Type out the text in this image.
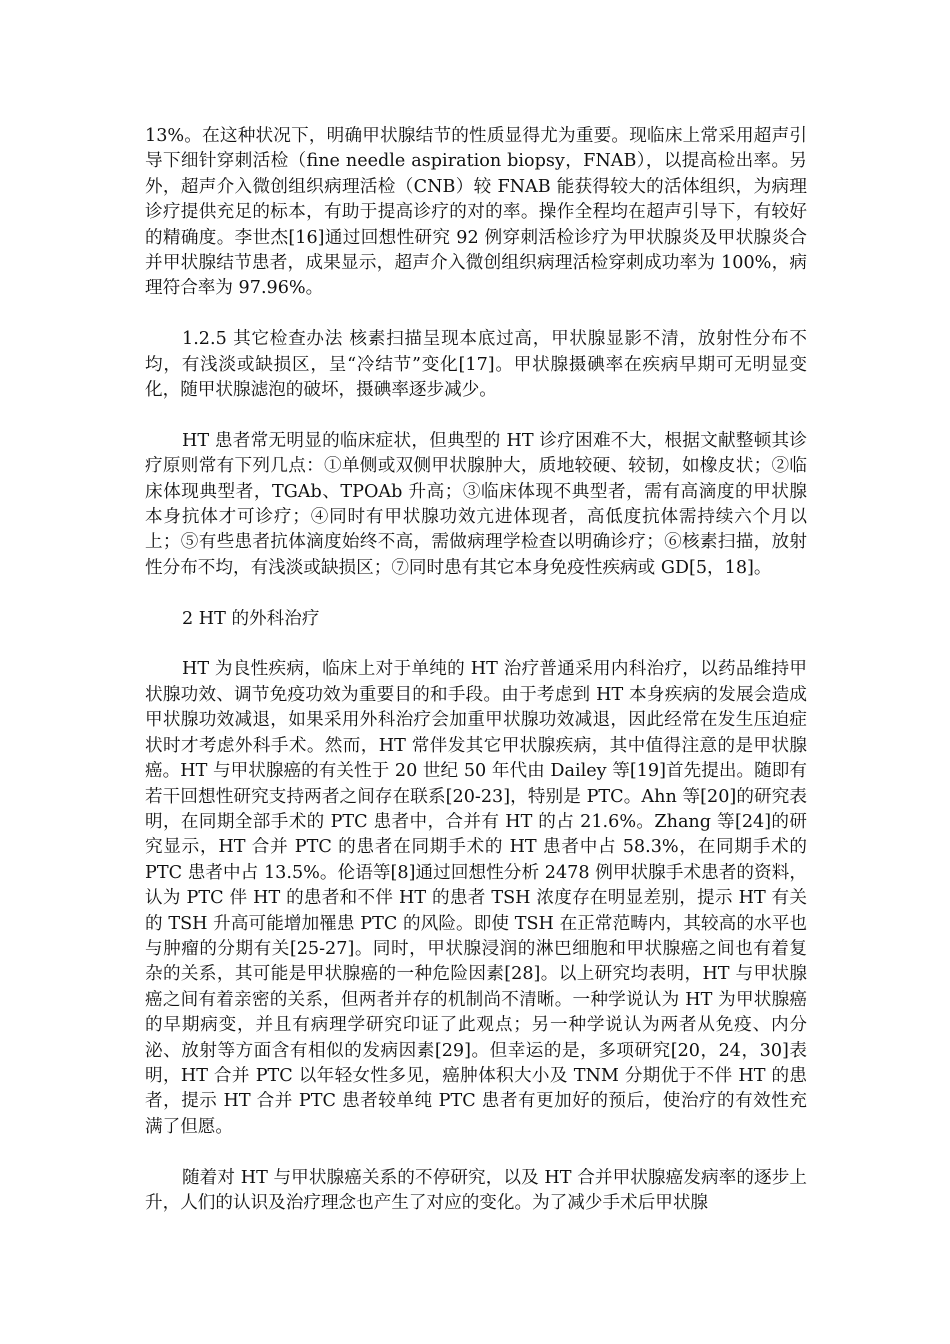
13%。在这种状况下，明确甲状腺结节的性质显得尤为重要。现临床上常采用超声引导下细针穿刺活检（fine needle aspiration biopsy，FNAB），以提高检出率。另外，超声介入微创组织病理活检（CNB）较 FNAB 能获得较大的活体组织，为病理诊疗提供充足的标本，有助于提高诊疗的对的率。操作全程均在超声引导下，有较好的精确度。李世杰[16]通过回想性研究 92 例穿刺活检诊疗为甲状腺炎及甲状腺炎合并甲状腺结节患者，成果显示，超声介入微创组织病理活检穿刺成功率为 100%，病理符合率为 97.96%。

1.2.5 其它检查办法 核素扫描呈现本底过高，甲状腺显影不清，放射性分布不均，有浅淡或缺损区，呈“冷结节”变化[17]。甲状腺摄碘率在疾病早期可无明显变化，随甲状腺滤泡的破坏，摄碘率逐步减少。

HT 患者常无明显的临床症状，但典型的 HT 诊疗困难不大，根据文献整顿其诊疗原则常有下列几点：①单侧或双侧甲状腺肿大，质地较硬、较韧，如橡皮状；②临床体现典型者，TGAb、TPOAb 升高；③临床体现不典型者，需有高滴度的甲状腺本身抗体才可诊疗；④同时有甲状腺功效亢进体现者，高低度抗体需持续六个月以上；⑤有些患者抗体滴度始终不高，需做病理学检查以明确诊疗；⑥核素扫描，放射性分布不均，有浅淡或缺损区；⑦同时患有其它本身免疫性疾病或 GD[5，18]。

2 HT 的外科治疗

HT 为良性疾病，临床上对于单纯的 HT 治疗普通采用内科治疗，以药品维持甲状腺功效、调节免疫功效为重要目的和手段。由于考虑到 HT 本身疾病的发展会造成甲状腺功效减退，如果采用外科治疗会加重甲状腺功效减退，因此经常在发生压迫症状时才考虑外科手术。然而，HT 常伴发其它甲状腺疾病，其中值得注意的是甲状腺癌。HT 与甲状腺癌的有关性于 20 世纪 50 年代由 Dailey 等[19]首先提出。随即有若干回想性研究支持两者之间存在联系[20-23]，特别是 PTC。Ahn 等[20]的研究表明，在同期全部手术的 PTC 患者中，合并有 HT 的占 21.6%。Zhang 等[24]的研究显示，HT 合并 PTC 的患者在同期手术的 HT 患者中占 58.3%，在同期手术的 PTC 患者中占 13.5%。伦语等[8]通过回想性分析 2478 例甲状腺手术患者的资料，认为 PTC 伴 HT 的患者和不伴 HT 的患者 TSH 浓度存在明显差别，提示 HT 有关的 TSH 升高可能增加罹患 PTC 的风险。即使 TSH 在正常范畴内，其较高的水平也与肿瘤的分期有关[25-27]。同时，甲状腺浸润的淋巴细胞和甲状腺癌之间也有着复杂的关系，其可能是甲状腺癌的一种危险因素[28]。以上研究均表明，HT 与甲状腺癌之间有着亲密的关系，但两者并存的机制尚不清晰。一种学说认为 HT 为甲状腺癌的早期病变，并且有病理学研究印证了此观点；另一种学说认为两者从免疫、内分泌、放射等方面含有相似的发病因素[29]。但幸运的是，多项研究[20，24，30]表明，HT 合并 PTC 以年轻女性多见，癌肿体积大小及 TNM 分期优于不伴 HT 的患者，提示 HT 合并 PTC 患者较单纯 PTC 患者有更加好的预后，使治疗的有效性充满了但愿。

随着对 HT 与甲状腺癌关系的不停研究，以及 HT 合并甲状腺癌发病率的逐步上升，人们的认识及治疗理念也产生了对应的变化。为了减少手术后甲状腺
